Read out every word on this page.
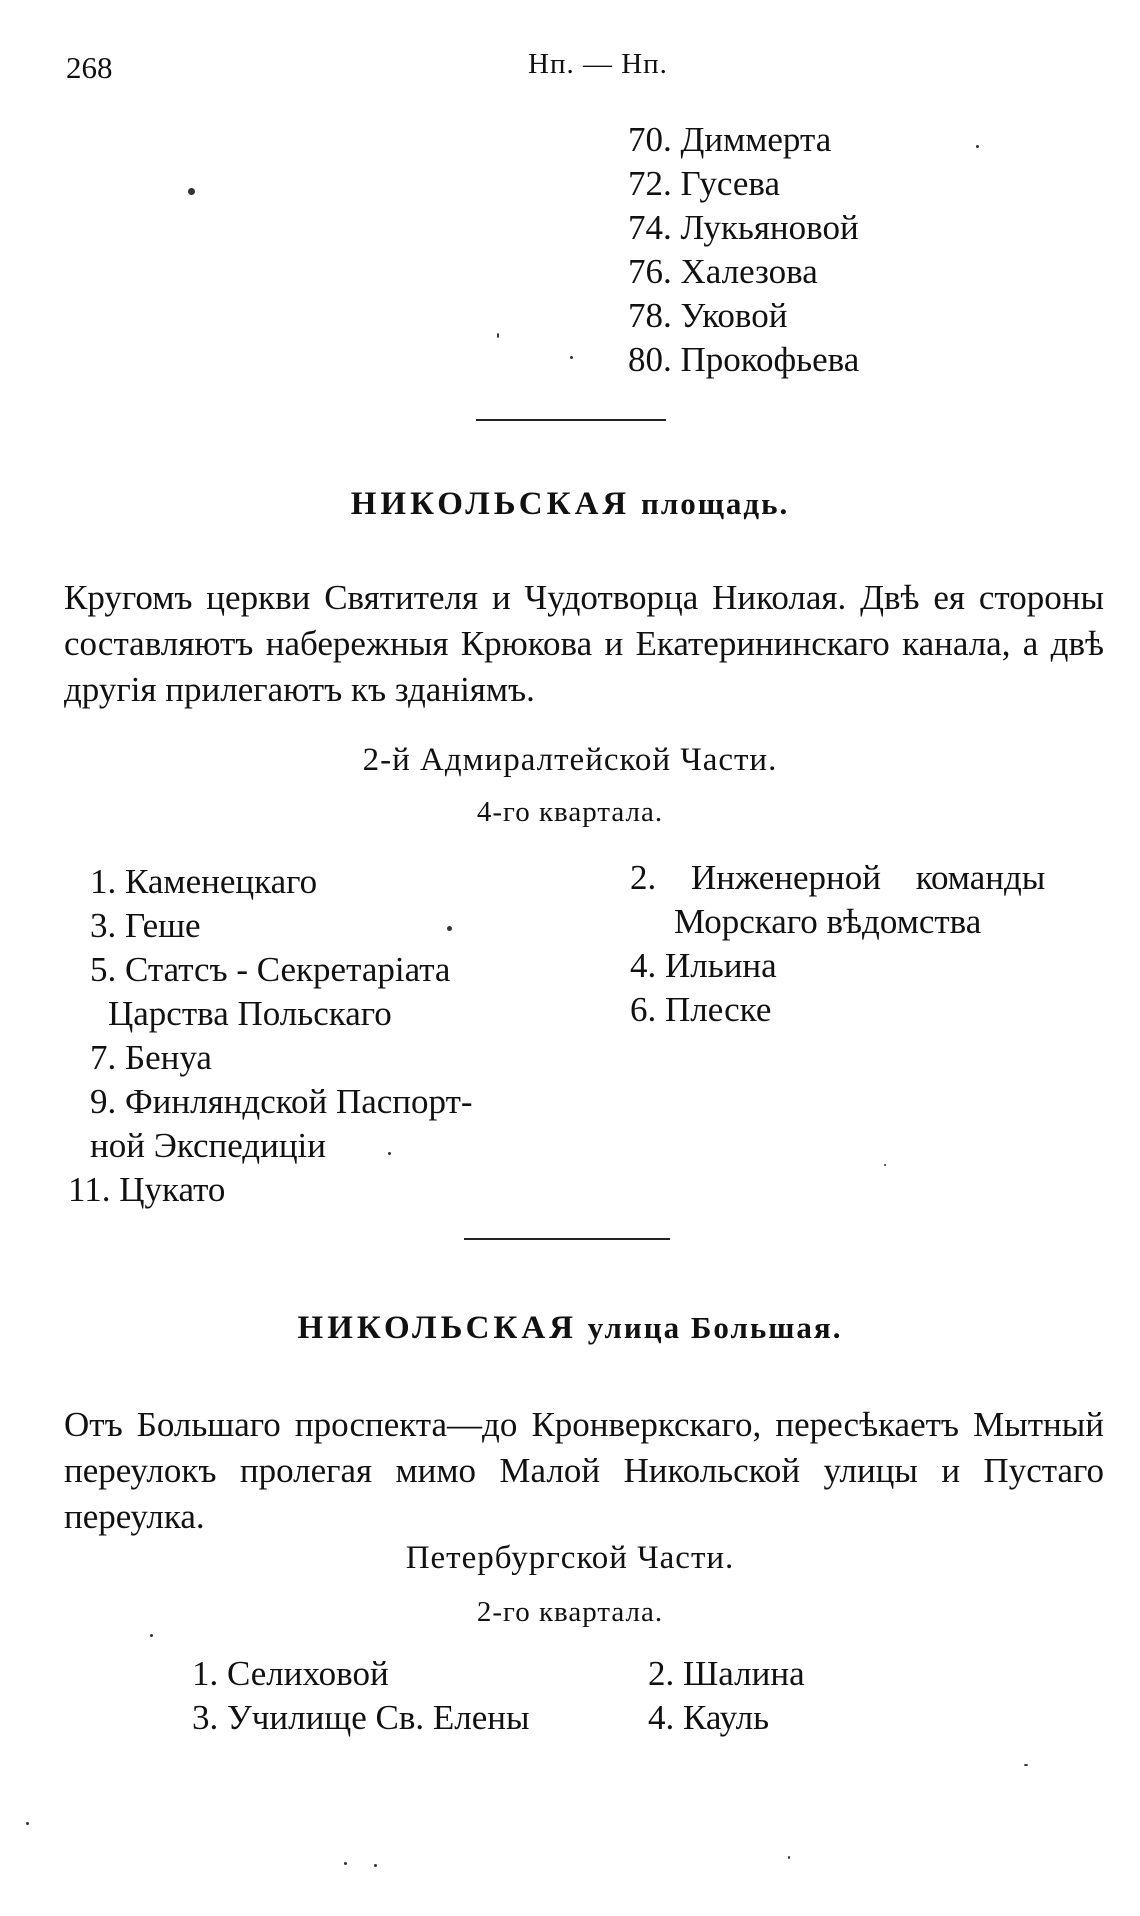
268	Нп. — Нп.
70. Диммерта
72. Гусева
74. Лукьяновой
76. Халезова
78. Уковой
80. Прокофьева
НИКОЛЬСКАЯ площадь.
Кругомъ церкви Святителя и Чудотворца Николая. Двѣ ея стороны составляютъ набережныя Крюкова и Екатерининскаго канала, а двѣ другія прилегаютъ къ зданіямъ.
2-й Адмиралтейской Части.
4-го квартала.
1. Каменецкаго
3. Геше
5. Статсъ - Секретаріата
Царства Польскаго
7. Бенуа
9. Финляндской Паспорт-
ной Экспедиціи
11. Цукато
2. Инженерной команды
Морскаго вѣдомства
4. Ильина
6. Плеске
НИКОЛЬСКАЯ улица Большая.
Отъ Большаго проспекта—до Кронверкскаго, пересѣкаетъ Мытный переулокъ пролегая мимо Малой Никольской улицы и Пустаго переулка.
Петербургской Части.
2-го квартала.
1. Селиховой
3. Училище Св. Елены
2. Шалина
4. Кауль
